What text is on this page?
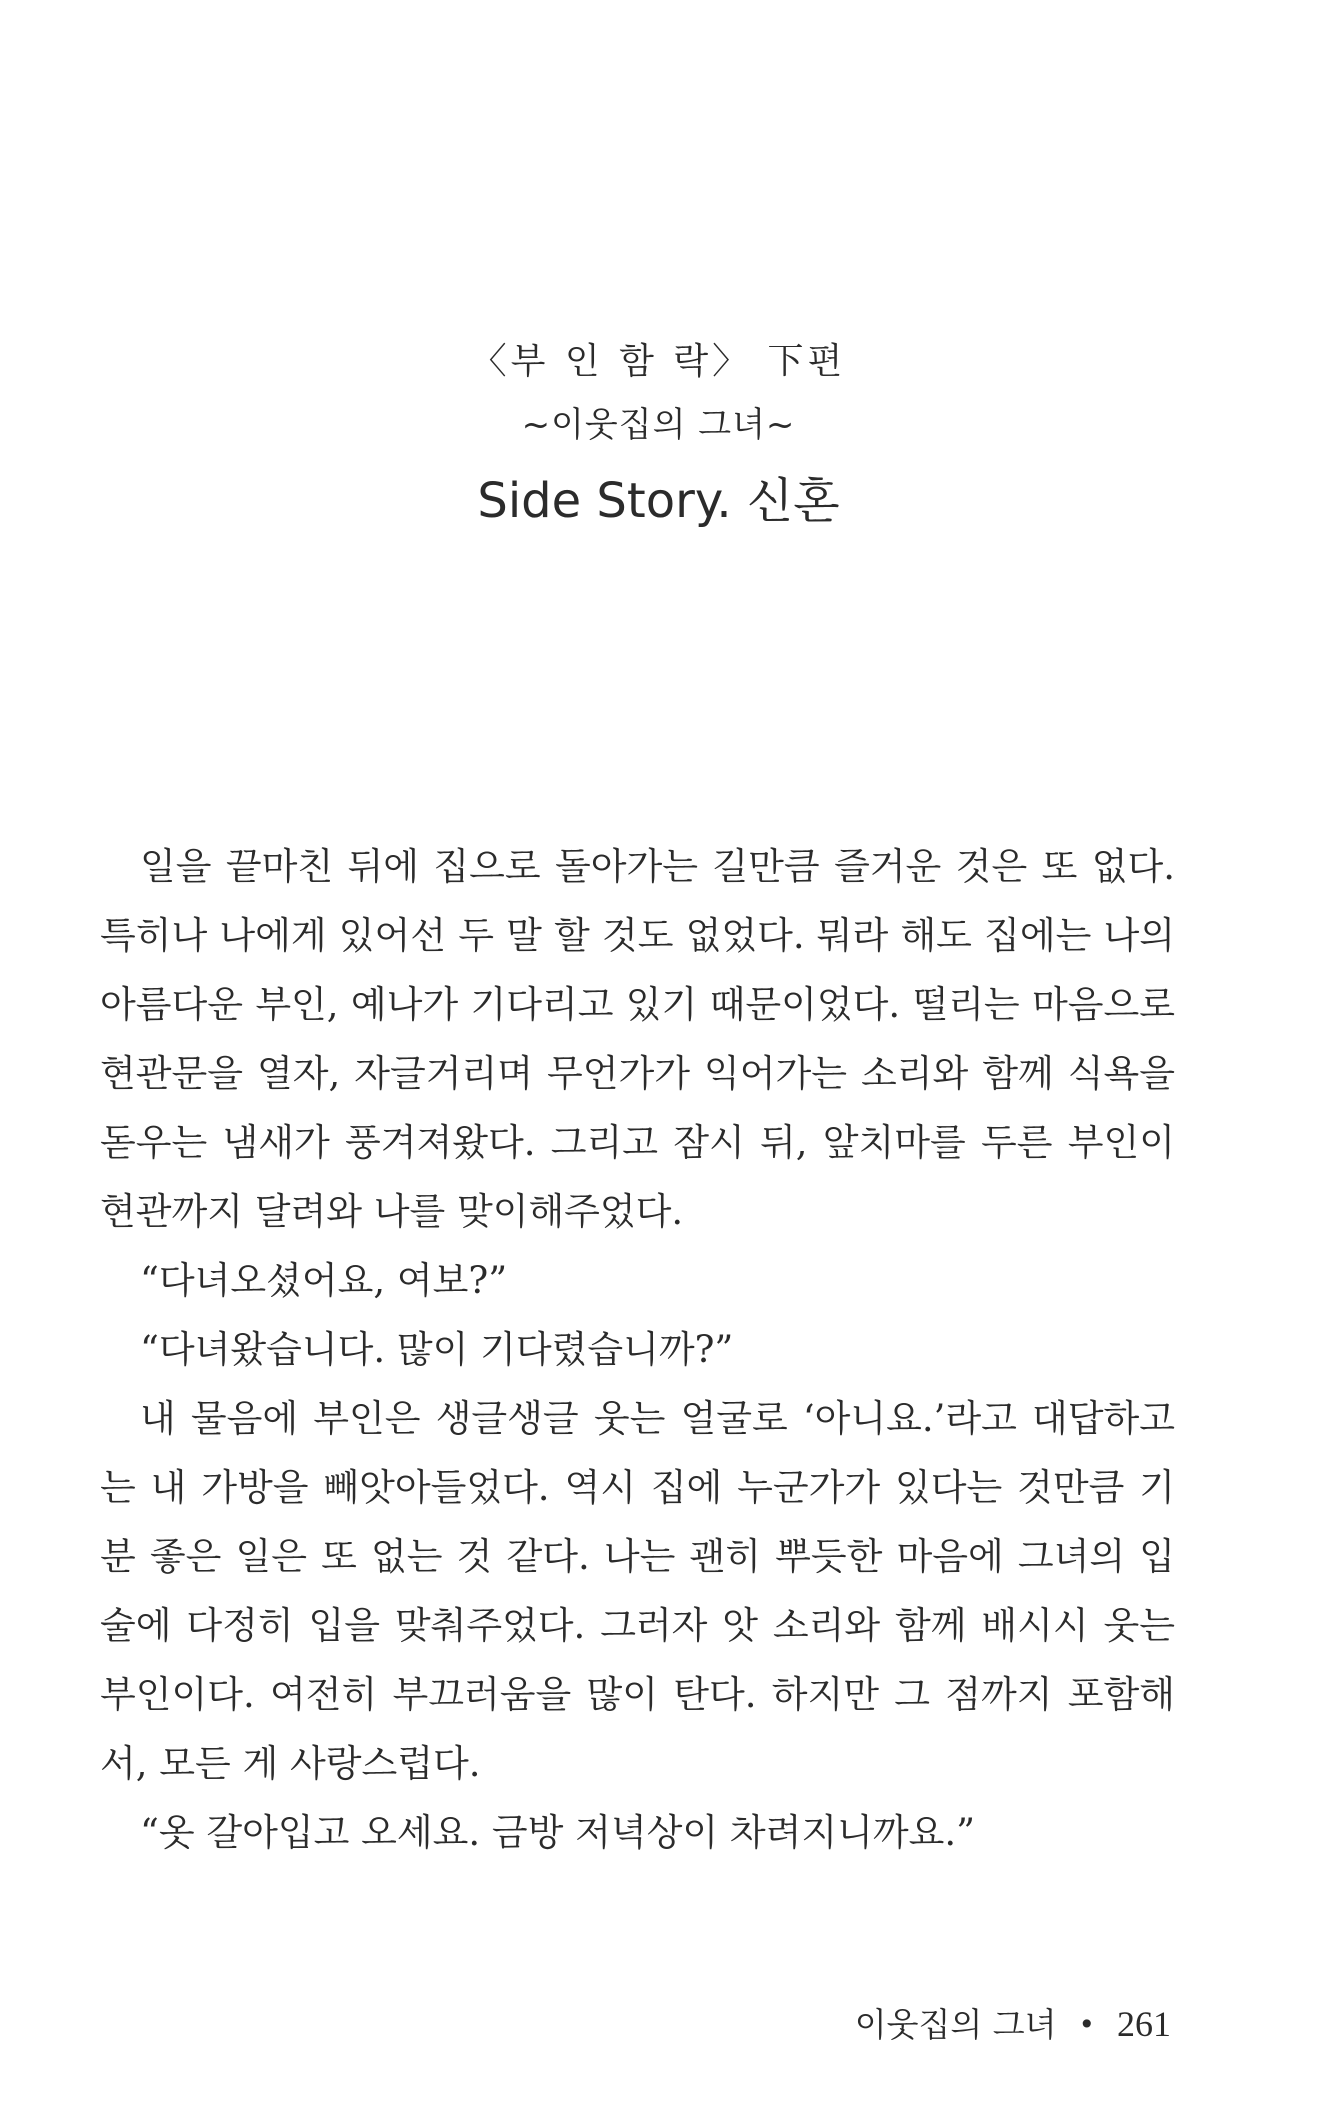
〈부 인 함 락〉 下편
~이웃집의 그녀~
Side Story. 신혼

일을 끝마친 뒤에 집으로 돌아가는 길만큼 즐거운 것은 또 없다. 특히나 나에게 있어선 두 말 할 것도 없었다. 뭐라 해도 집에는 나의 아름다운 부인, 예나가 기다리고 있기 때문이었다. 떨리는 마음으로 현관문을 열자, 자글거리며 무언가가 익어가는 소리와 함께 식욕을 돋우는 냄새가 풍겨져왔다. 그리고 잠시 뒤, 앞치마를 두른 부인이 현관까지 달려와 나를 맞이해주었다.

“다녀오셨어요, 여보?”

“다녀왔습니다. 많이 기다렸습니까?”

내 물음에 부인은 생글생글 웃는 얼굴로 ‘아니요.’라고 대답하고는 내 가방을 빼앗아들었다. 역시 집에 누군가가 있다는 것만큼 기분 좋은 일은 또 없는 것 같다. 나는 괜히 뿌듯한 마음에 그녀의 입술에 다정히 입을 맞춰주었다. 그러자 앗 소리와 함께 배시시 웃는 부인이다. 여전히 부끄러움을 많이 탄다. 하지만 그 점까지 포함해서, 모든 게 사랑스럽다.

“옷 갈아입고 오세요. 금방 저녁상이 차려지니까요.”

이웃집의 그녀 • 261
